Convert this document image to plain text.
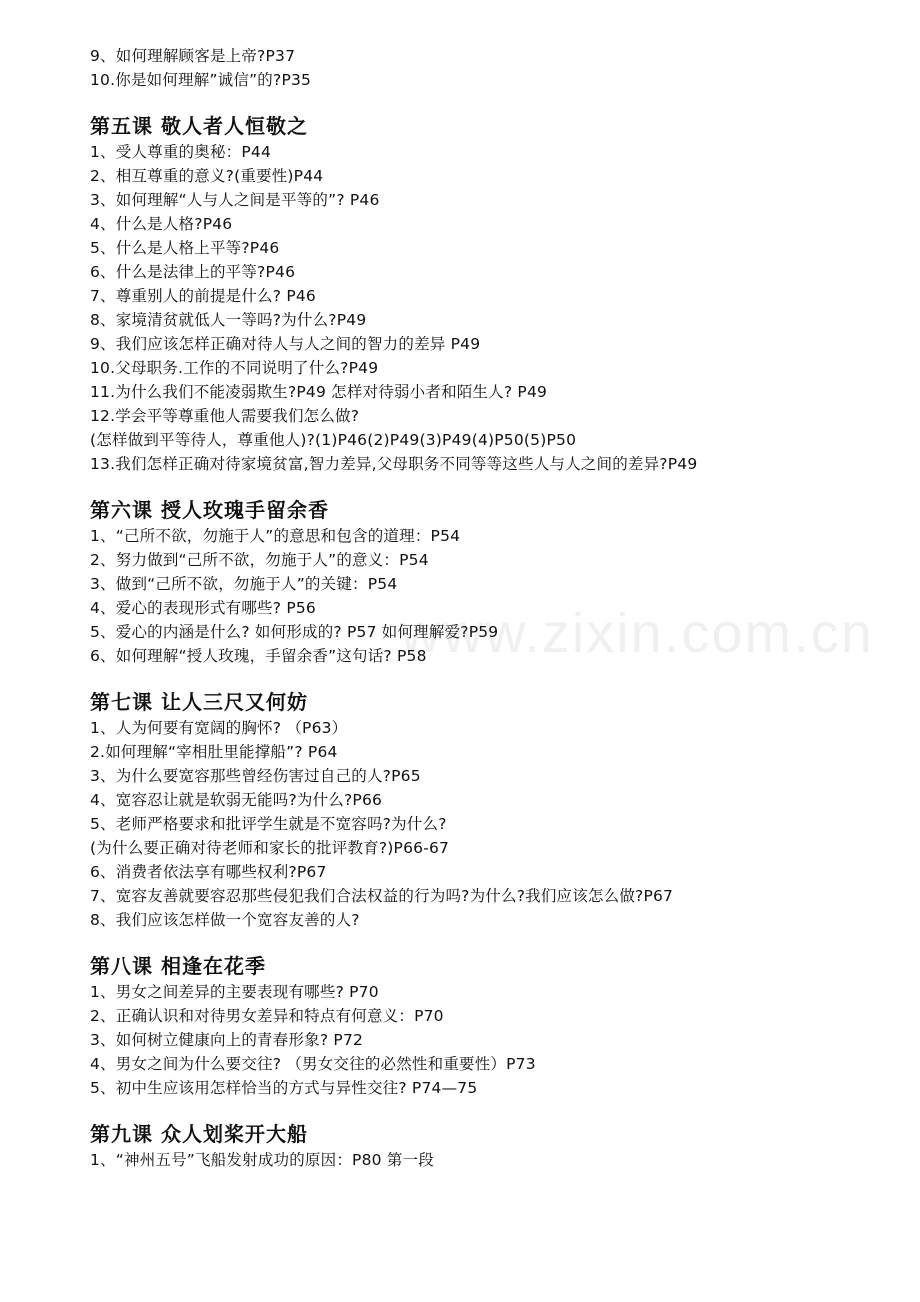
9、如何理解顾客是上帝?P37
10.你是如何理解”诚信”的?P35
第五课 敬人者人恒敬之
1、受人尊重的奥秘：P44
2、相互尊重的意义?(重要性)P44
3、如何理解“人与人之间是平等的”? P46
4、什么是人格?P46
5、什么是人格上平等?P46
6、什么是法律上的平等?P46
7、尊重别人的前提是什么? P46
8、家境清贫就低人一等吗?为什么?P49
9、我们应该怎样正确对待人与人之间的智力的差异 P49
10.父母职务.工作的不同说明了什么?P49
11.为什么我们不能凌弱欺生?P49 怎样对待弱小者和陌生人? P49
12.学会平等尊重他人需要我们怎么做?
(怎样做到平等待人，尊重他人)?(1)P46(2)P49(3)P49(4)P50(5)P50
13.我们怎样正确对待家境贫富,智力差异,父母职务不同等等这些人与人之间的差异?P49
第六课 授人玫瑰手留余香
1、“己所不欲，勿施于人”的意思和包含的道理：P54
2、努力做到“己所不欲，勿施于人”的意义：P54
3、做到“己所不欲，勿施于人”的关键：P54
4、爱心的表现形式有哪些? P56
5、爱心的内涵是什么? 如何形成的? P57 如何理解爱?P59
6、如何理解“授人玫瑰，手留余香”这句话? P58
第七课 让人三尺又何妨
1、人为何要有宽阔的胸怀? （P63）
2.如何理解“宰相肚里能撑船”? P64
3、为什么要宽容那些曾经伤害过自己的人?P65
4、宽容忍让就是软弱无能吗?为什么?P66
5、老师严格要求和批评学生就是不宽容吗?为什么?
(为什么要正确对待老师和家长的批评教育?)P66-67
6、消费者依法享有哪些权利?P67
7、宽容友善就要容忍那些侵犯我们合法权益的行为吗?为什么?我们应该怎么做?P67
8、我们应该怎样做一个宽容友善的人?
第八课 相逢在花季
1、男女之间差异的主要表现有哪些? P70
2、正确认识和对待男女差异和特点有何意义：P70
3、如何树立健康向上的青春形象? P72
4、男女之间为什么要交往? （男女交往的必然性和重要性）P73
5、初中生应该用怎样恰当的方式与异性交往? P74—75
第九课 众人划桨开大船
1、“神州五号”飞船发射成功的原因：P80 第一段
www.zixin.com.cn
